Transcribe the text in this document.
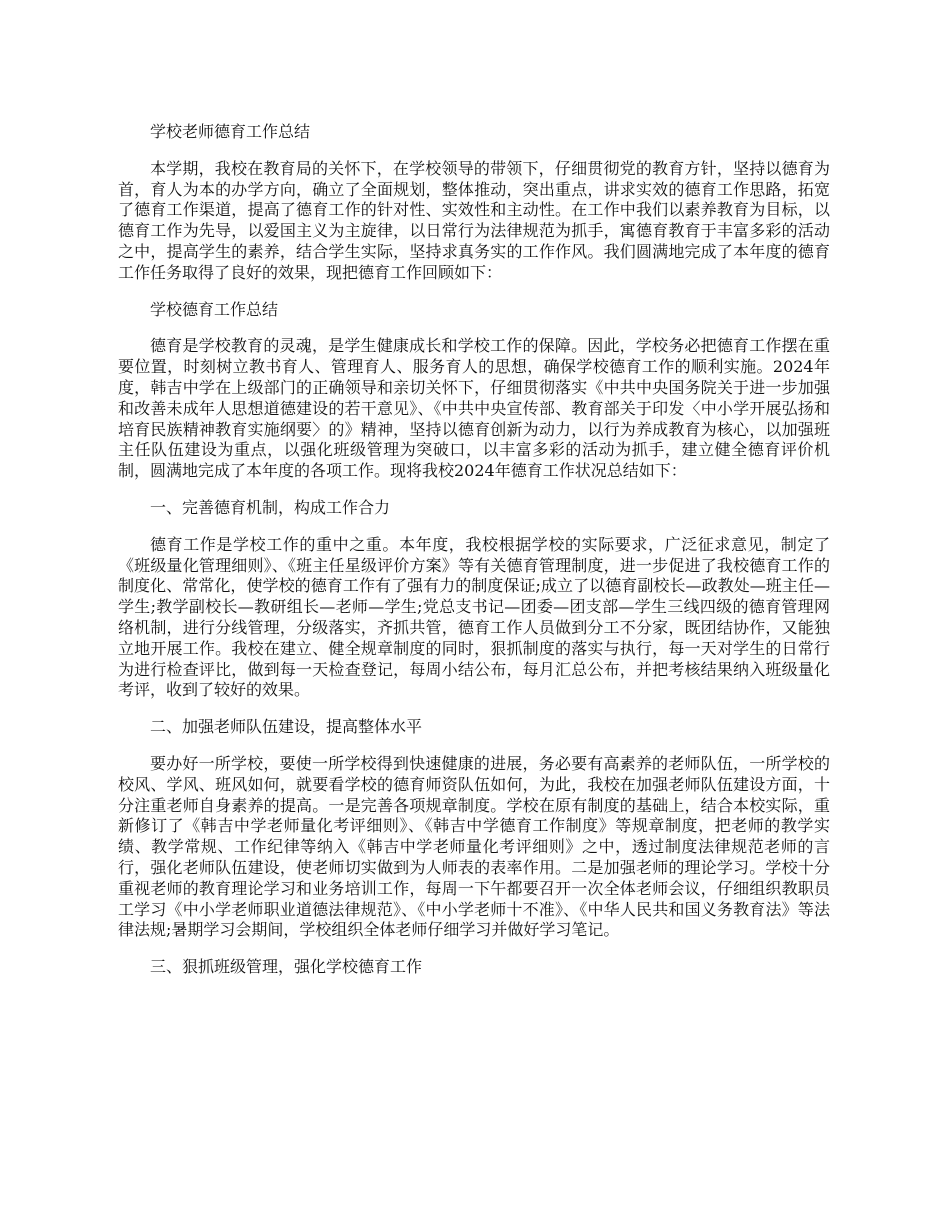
学校老师德育工作总结

本学期，我校在教育局的关怀下，在学校领导的带领下，仔细贯彻党的教育方针，坚持以德育为首，育人为本的办学方向，确立了全面规划，整体推动，突出重点，讲求实效的德育工作思路，拓宽了德育工作渠道，提高了德育工作的针对性、实效性和主动性。在工作中我们以素养教育为目标，以德育工作为先导，以爱国主义为主旋律，以日常行为法律规范为抓手，寓德育教育于丰富多彩的活动之中，提高学生的素养，结合学生实际，坚持求真务实的工作作风。我们圆满地完成了本年度的德育工作任务取得了良好的效果，现把德育工作回顾如下：

学校德育工作总结

德育是学校教育的灵魂，是学生健康成长和学校工作的保障。因此，学校务必把德育工作摆在重要位置，时刻树立教书育人、管理育人、服务育人的思想，确保学校德育工作的顺利实施。2024年度，韩吉中学在上级部门的正确领导和亲切关怀下，仔细贯彻落实《中共中央国务院关于进一步加强和改善未成年人思想道德建设的若干意见》、《中共中央宣传部、教育部关于印发〈中小学开展弘扬和培育民族精神教育实施纲要〉的》精神，坚持以德育创新为动力，以行为养成教育为核心，以加强班主任队伍建设为重点，以强化班级管理为突破口，以丰富多彩的活动为抓手，建立健全德育评价机制，圆满地完成了本年度的各项工作。现将我校2024年德育工作状况总结如下：

一、完善德育机制，构成工作合力

德育工作是学校工作的重中之重。本年度，我校根据学校的实际要求，广泛征求意见，制定了《班级量化管理细则》、《班主任星级评价方案》等有关德育管理制度，进一步促进了我校德育工作的制度化、常常化，使学校的德育工作有了强有力的制度保证;成立了以德育副校长—政教处—班主任—学生;教学副校长—教研组长—老师—学生;党总支书记—团委—团支部—学生三线四级的德育管理网络机制，进行分线管理，分级落实，齐抓共管，德育工作人员做到分工不分家，既团结协作，又能独立地开展工作。我校在建立、健全规章制度的同时，狠抓制度的落实与执行，每一天对学生的日常行为进行检查评比，做到每一天检查登记，每周小结公布，每月汇总公布，并把考核结果纳入班级量化考评，收到了较好的效果。

二、加强老师队伍建设，提高整体水平

要办好一所学校，要使一所学校得到快速健康的进展，务必要有高素养的老师队伍，一所学校的校风、学风、班风如何，就要看学校的德育师资队伍如何，为此，我校在加强老师队伍建设方面，十分注重老师自身素养的提高。一是完善各项规章制度。学校在原有制度的基础上，结合本校实际，重新修订了《韩吉中学老师量化考评细则》、《韩吉中学德育工作制度》等规章制度，把老师的教学实绩、教学常规、工作纪律等纳入《韩吉中学老师量化考评细则》之中，透过制度法律规范老师的言行，强化老师队伍建设，使老师切实做到为人师表的表率作用。二是加强老师的理论学习。学校十分重视老师的教育理论学习和业务培训工作，每周一下午都要召开一次全体老师会议，仔细组织教职员工学习《中小学老师职业道德法律规范》、《中小学老师十不准》、《中华人民共和国义务教育法》等法律法规;暑期学习会期间，学校组织全体老师仔细学习并做好学习笔记。

三、狠抓班级管理，强化学校德育工作
